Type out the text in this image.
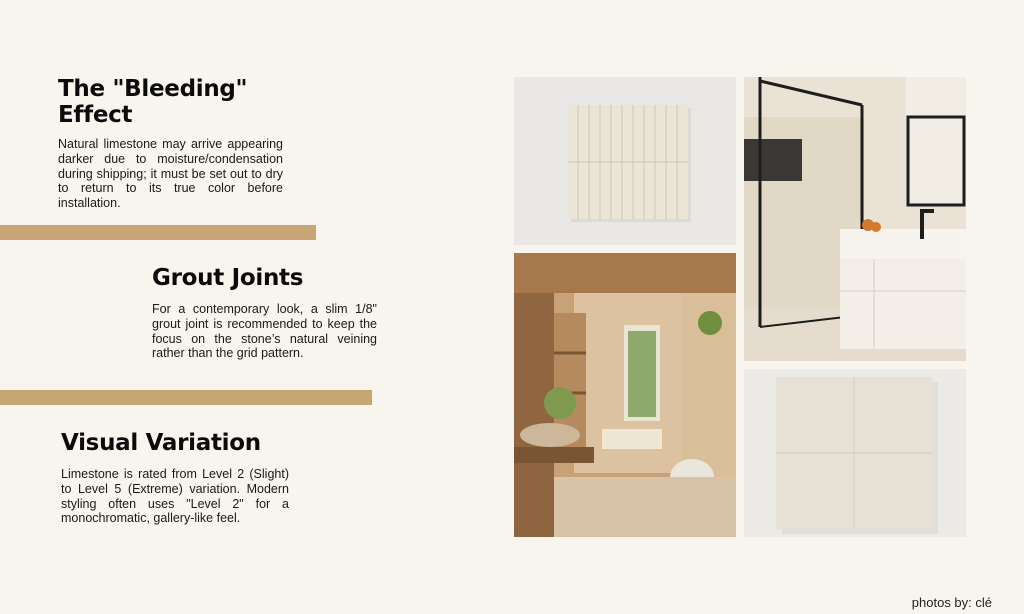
The "Bleeding" Effect

Natural limestone may arrive appearing darker due to moisture/condensation during shipping; it must be set out to dry to return to its true color before installation.

Grout Joints

For a contemporary look, a slim 1/8" grout joint is recommended to keep the focus on the stone’s natural veining rather than the grid pattern.

Visual Variation

Limestone is rated from Level 2 (Slight) to Level 5 (Extreme) variation. Modern styling often uses "Level 2" for a monochromatic, gallery-like feel.

photos by: clé
